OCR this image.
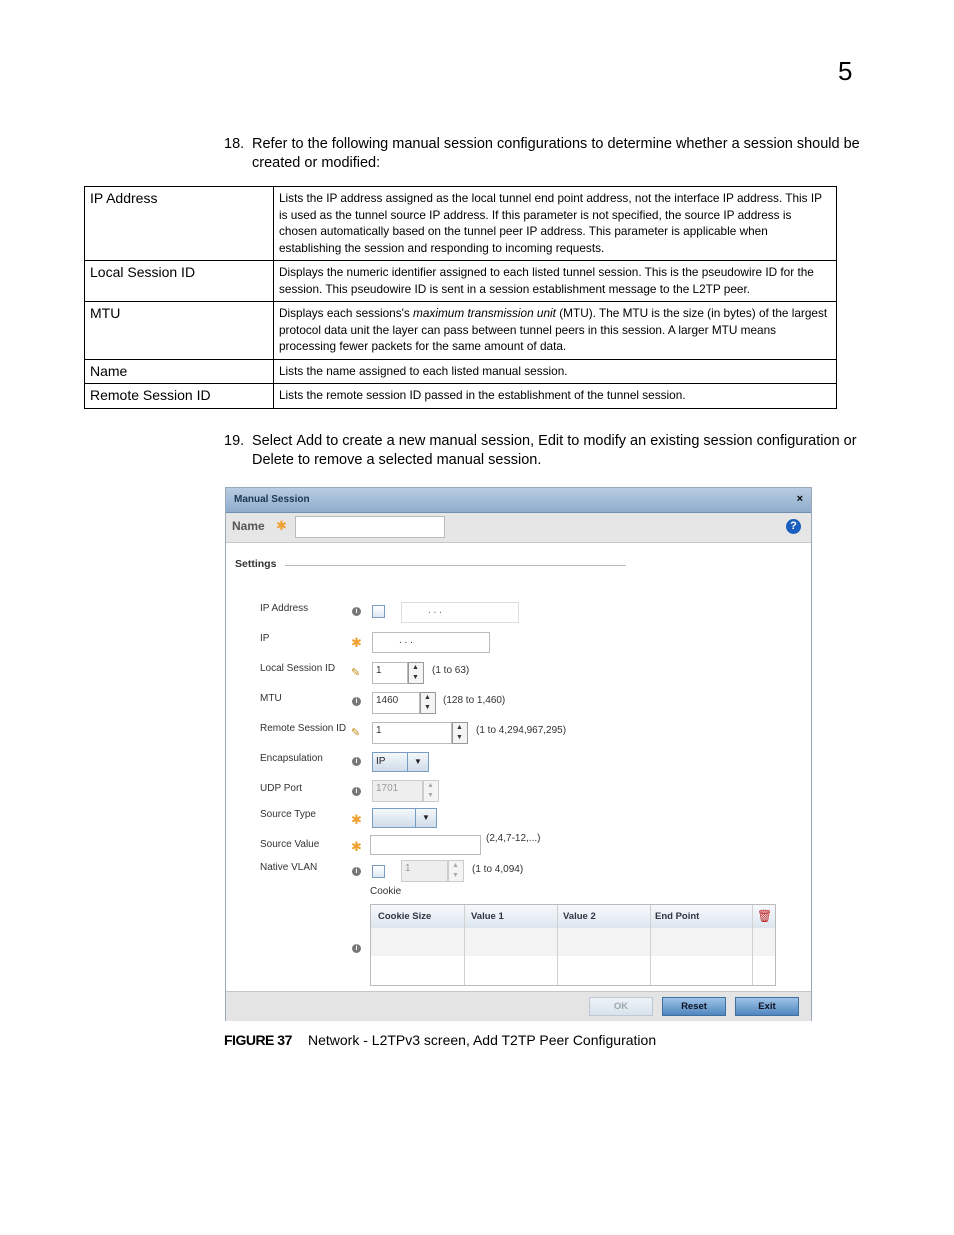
5
18. Refer to the following manual session configurations to determine whether a session should be created or modified:
IP Address	Lists the IP address assigned as the local tunnel end point address, not the interface IP address. This IP is used as the tunnel source IP address. If this parameter is not specified, the source IP address is chosen automatically based on the tunnel peer IP address. This parameter is applicable when establishing the session and responding to incoming requests.
Local Session ID	Displays the numeric identifier assigned to each listed tunnel session. This is the pseudowire ID for the session. This pseudowire ID is sent in a session establishment message to the L2TP peer.
MTU	Displays each sessions's maximum transmission unit (MTU). The MTU is the size (in bytes) of the largest protocol data unit the layer can pass between tunnel peers in this session. A larger MTU means processing fewer packets for the same amount of data.
Name	Lists the name assigned to each listed manual session.
Remote Session ID	Lists the remote session ID passed in the establishment of the tunnel session.
19. Select Add to create a new manual session, Edit to modify an existing session configuration or Delete to remove a selected manual session.
Manual Session	×
Name ✱	?
Settings
IP Address	i	. . .
IP	✱	. . .
Local Session ID ✎	1	▲
▼
(1 to 63)
MTU	i	1460	▲
▼
(128 to 1,460)
Remote Session ID ✎	1	▲
▼
(1 to 4,294,967,295)
Encapsulation	i	IP	▼
UDP Port	i	1701	▲
▼
Source Type	✱	▼
Source Value ✱
(2,4,7-12,...)
Native VLAN	i	1	▲
▼
(1 to 4,094)
Cookie
i
Cookie Size	Value 1	Value 2	End Point	🗑
OK	Reset	Exit
FIGURE 37 Network - L2TPv3 screen, Add T2TP Peer Configuration
